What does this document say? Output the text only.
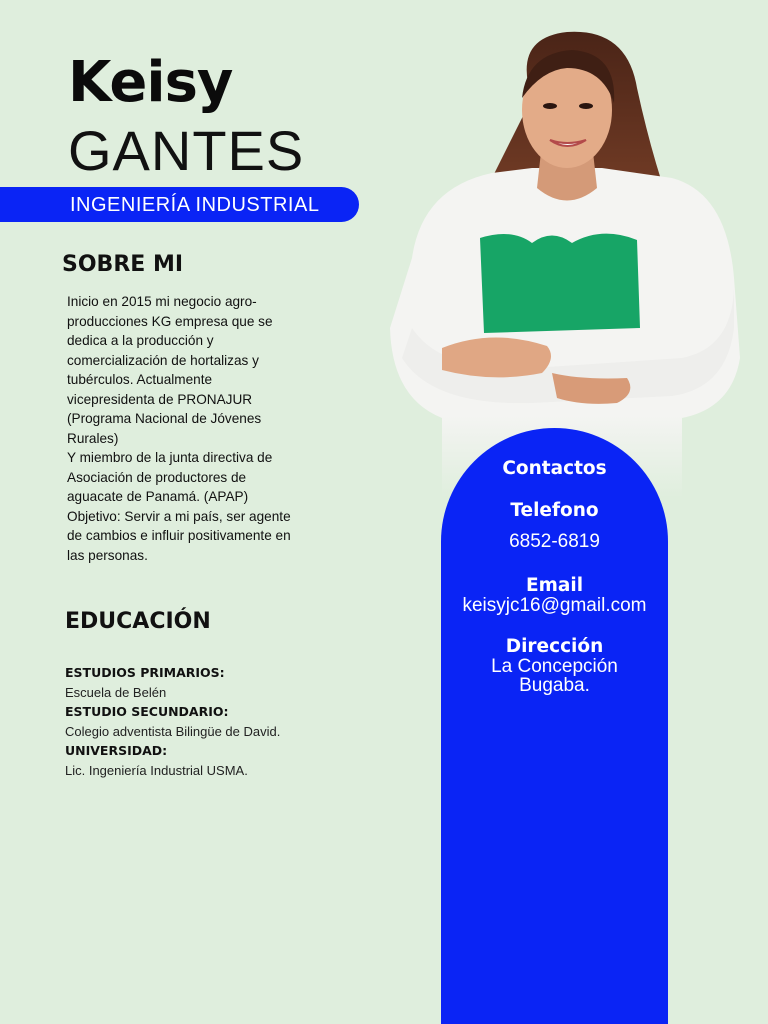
Keisy
GANTES
INGENIERÍA INDUSTRIAL
SOBRE MI
Inicio en 2015 mi negocio agro-
producciones KG empresa que se
dedica a la producción y
comercialización de hortalizas y
tubérculos. Actualmente
vicepresidenta de PRONAJUR
(Programa Nacional de Jóvenes
Rurales)
Y miembro de la junta directiva de
Asociación de productores de
aguacate de Panamá. (APAP)
Objetivo: Servir a mi país, ser agente
de cambios e influir positivamente en
las personas.
EDUCACIÓN
ESTUDIOS PRIMARIOS:
Escuela de Belén
ESTUDIO SECUNDARIO:
Colegio adventista Bilingüe de David.
UNIVERSIDAD:
Lic. Ingeniería Industrial USMA.
Contactos
Telefono
6852-6819
Email
keisyjc16@gmail.com
Dirección
La Concepción
Bugaba.
